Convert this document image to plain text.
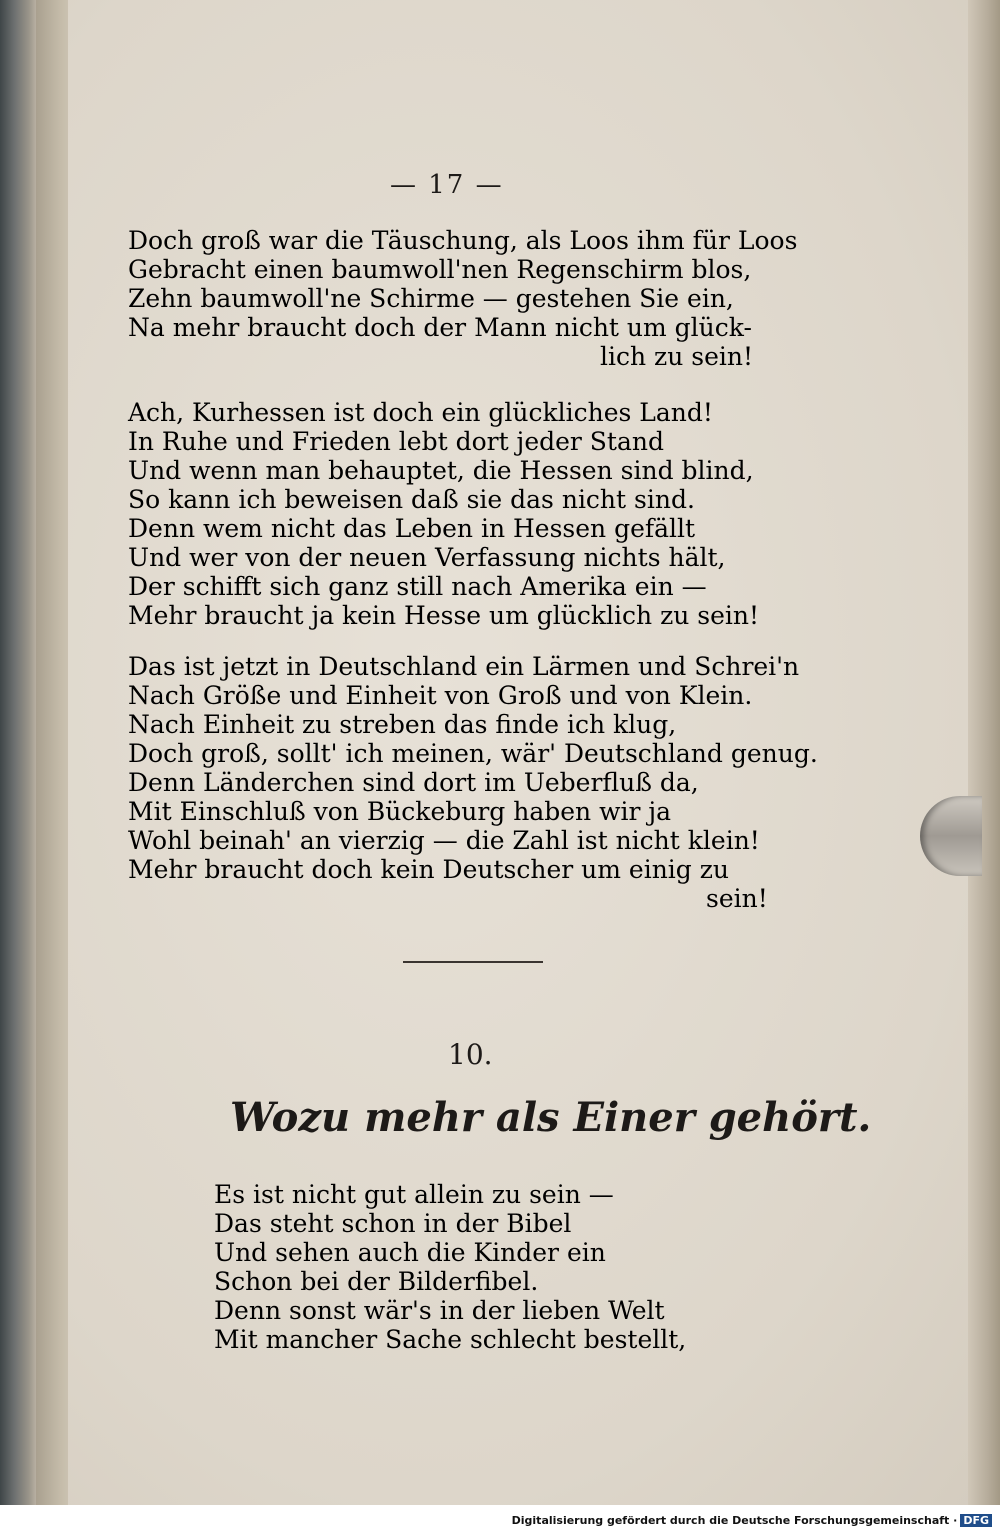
— 17 —
Doch groß war die Täuschung, als Loos ihm für Loos
Gebracht einen baumwoll'nen Regenschirm blos,
Zehn baumwoll'ne Schirme — gestehen Sie ein,
Na mehr braucht doch der Mann nicht um glück-
lich zu sein!
Ach, Kurhessen ist doch ein glückliches Land!
In Ruhe und Frieden lebt dort jeder Stand
Und wenn man behauptet, die Hessen sind blind,
So kann ich beweisen daß sie das nicht sind.
Denn wem nicht das Leben in Hessen gefällt
Und wer von der neuen Verfassung nichts hält,
Der schifft sich ganz still nach Amerika ein —
Mehr braucht ja kein Hesse um glücklich zu sein!
Das ist jetzt in Deutschland ein Lärmen und Schrei'n
Nach Größe und Einheit von Groß und von Klein.
Nach Einheit zu streben das finde ich klug,
Doch groß, sollt' ich meinen, wär' Deutschland genug.
Denn Länderchen sind dort im Ueberfluß da,
Mit Einschluß von Bückeburg haben wir ja
Wohl beinah' an vierzig — die Zahl ist nicht klein!
Mehr braucht doch kein Deutscher um einig zu
sein!
10.
Wozu mehr als Einer gehört.
Es ist nicht gut allein zu sein —
Das steht schon in der Bibel
Und sehen auch die Kinder ein
Schon bei der Bilderfibel.
Denn sonst wär's in der lieben Welt
Mit mancher Sache schlecht bestellt,
Digitalisierung gefördert durch die Deutsche Forschungsgemeinschaft · DFG
